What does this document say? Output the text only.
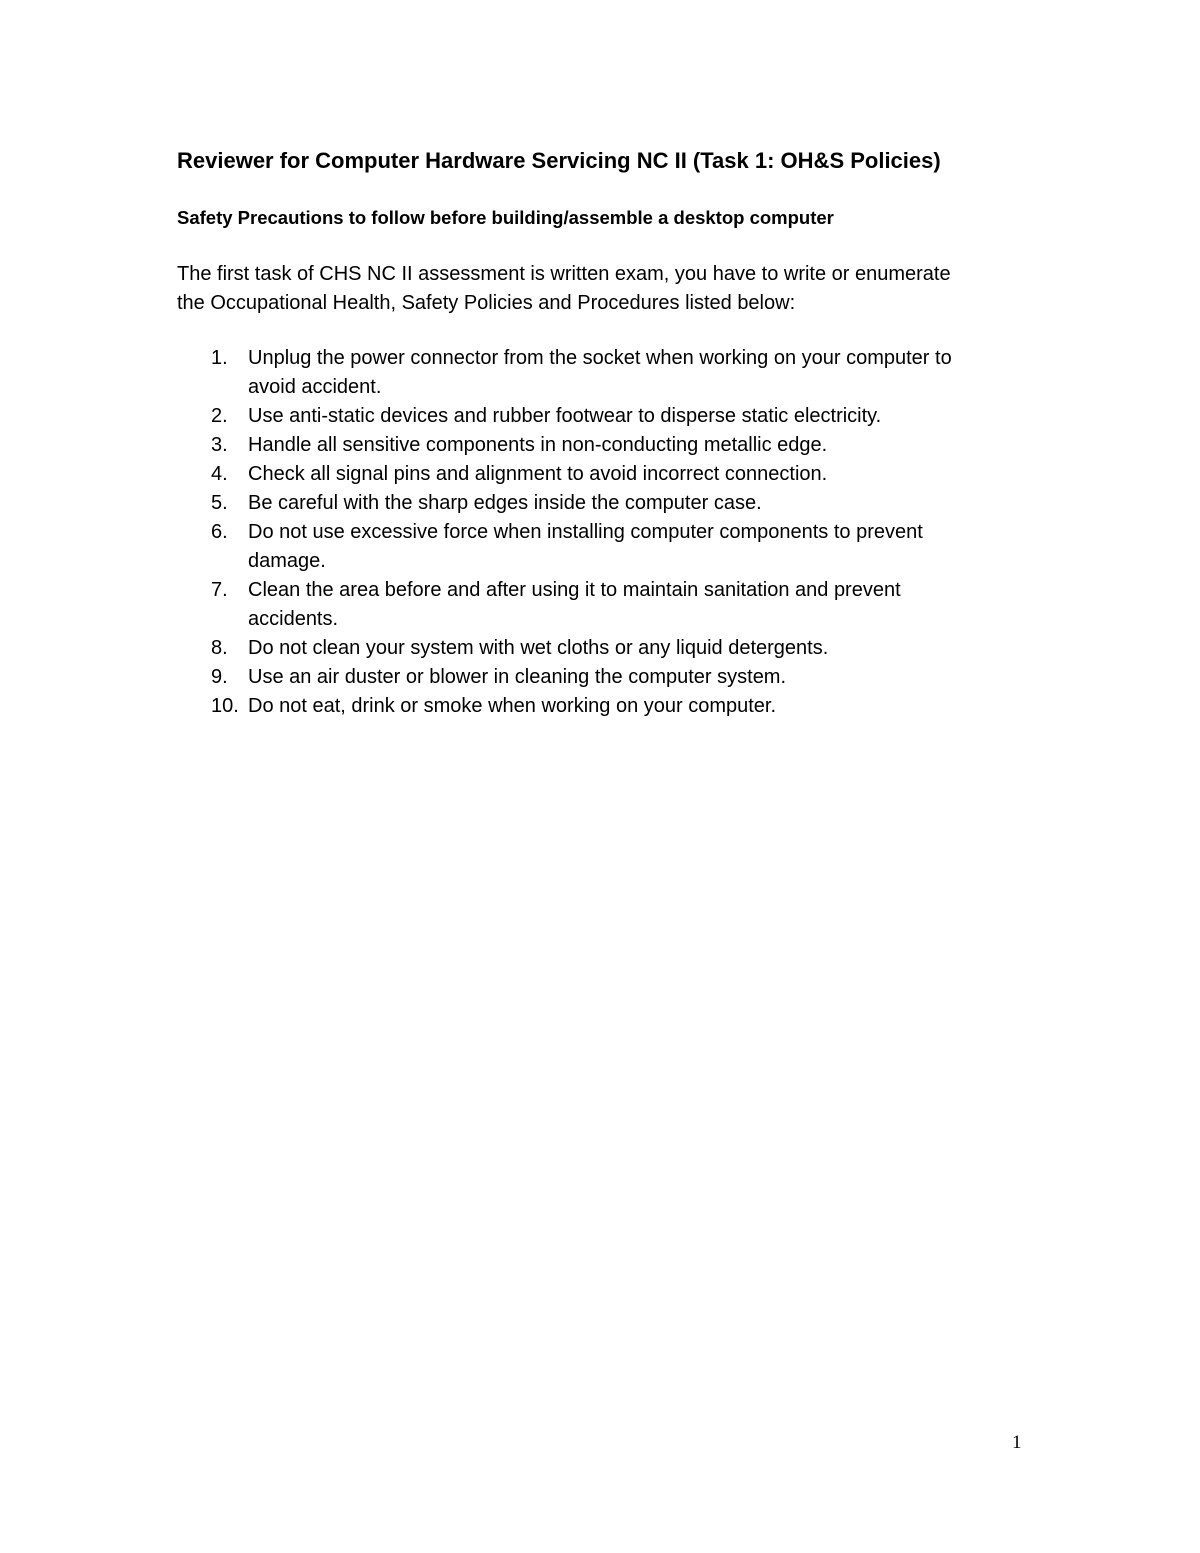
Reviewer for Computer Hardware Servicing NC II (Task 1: OH&S Policies)
Safety Precautions to follow before building/assemble a desktop computer

The first task of CHS NC II assessment is written exam, you have to write or enumerate
the Occupational Health, Safety Policies and Procedures listed below:

1. Unplug the power connector from the socket when working on your computer to
avoid accident.
2. Use anti-static devices and rubber footwear to disperse static electricity.
3. Handle all sensitive components in non-conducting metallic edge.
4. Check all signal pins and alignment to avoid incorrect connection.
5. Be careful with the sharp edges inside the computer case.
6. Do not use excessive force when installing computer components to prevent
damage.
7. Clean the area before and after using it to maintain sanitation and prevent
accidents.
8. Do not clean your system with wet cloths or any liquid detergents.
9. Use an air duster or blower in cleaning the computer system.
10. Do not eat, drink or smoke when working on your computer.

1
